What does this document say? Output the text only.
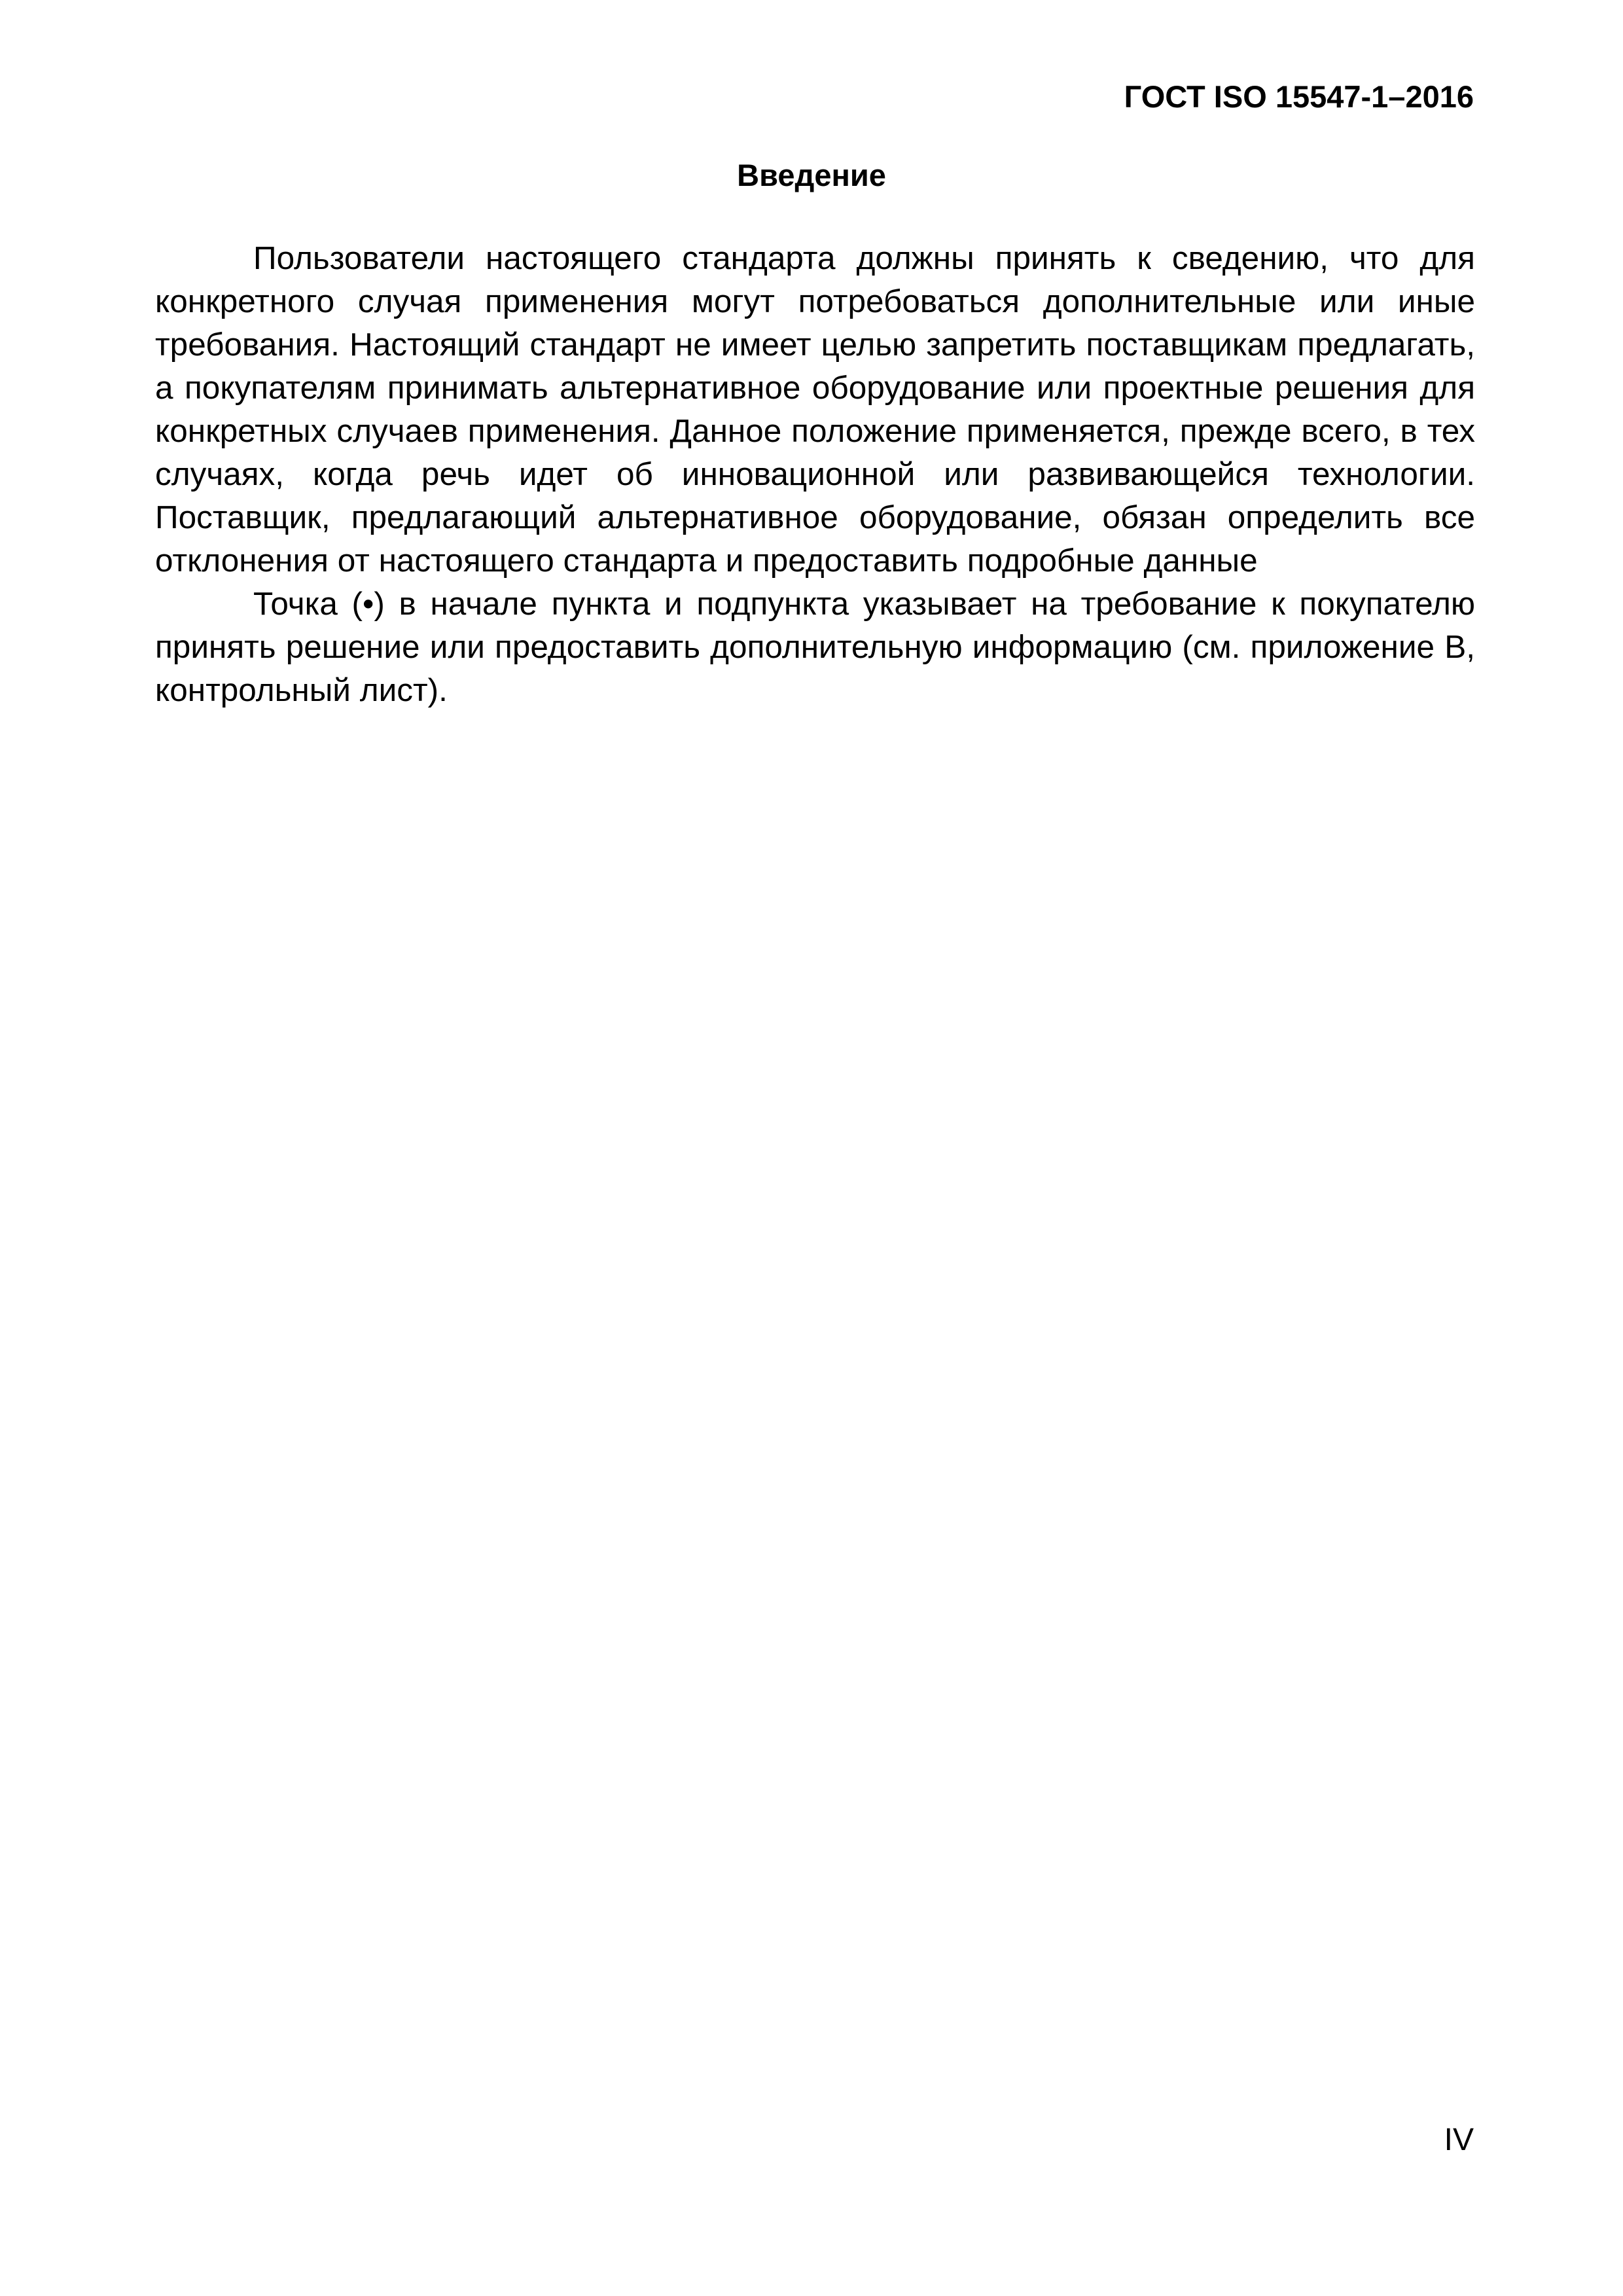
ГОСТ ISO 15547-1–2016
Введение

Пользователи настоящего стандарта должны принять к сведению, что для конкретного случая применения могут потребоваться дополнительные или иные требования. Настоящий стандарт не имеет целью запретить поставщикам предлагать, а покупателям принимать альтернативное оборудование или проектные решения для конкретных случаев применения. Данное положение применяется, прежде всего, в тех случаях, когда речь идет об инновационной или развивающейся технологии. Поставщик, предлагающий альтернативное оборудование, обязан определить все отклонения от настоящего стандарта и предоставить подробные данные

Точка (•) в начале пункта и подпункта указывает на требование к покупателю принять решение или предоставить дополнительную информацию (см. приложение В, контрольный лист).

IV
